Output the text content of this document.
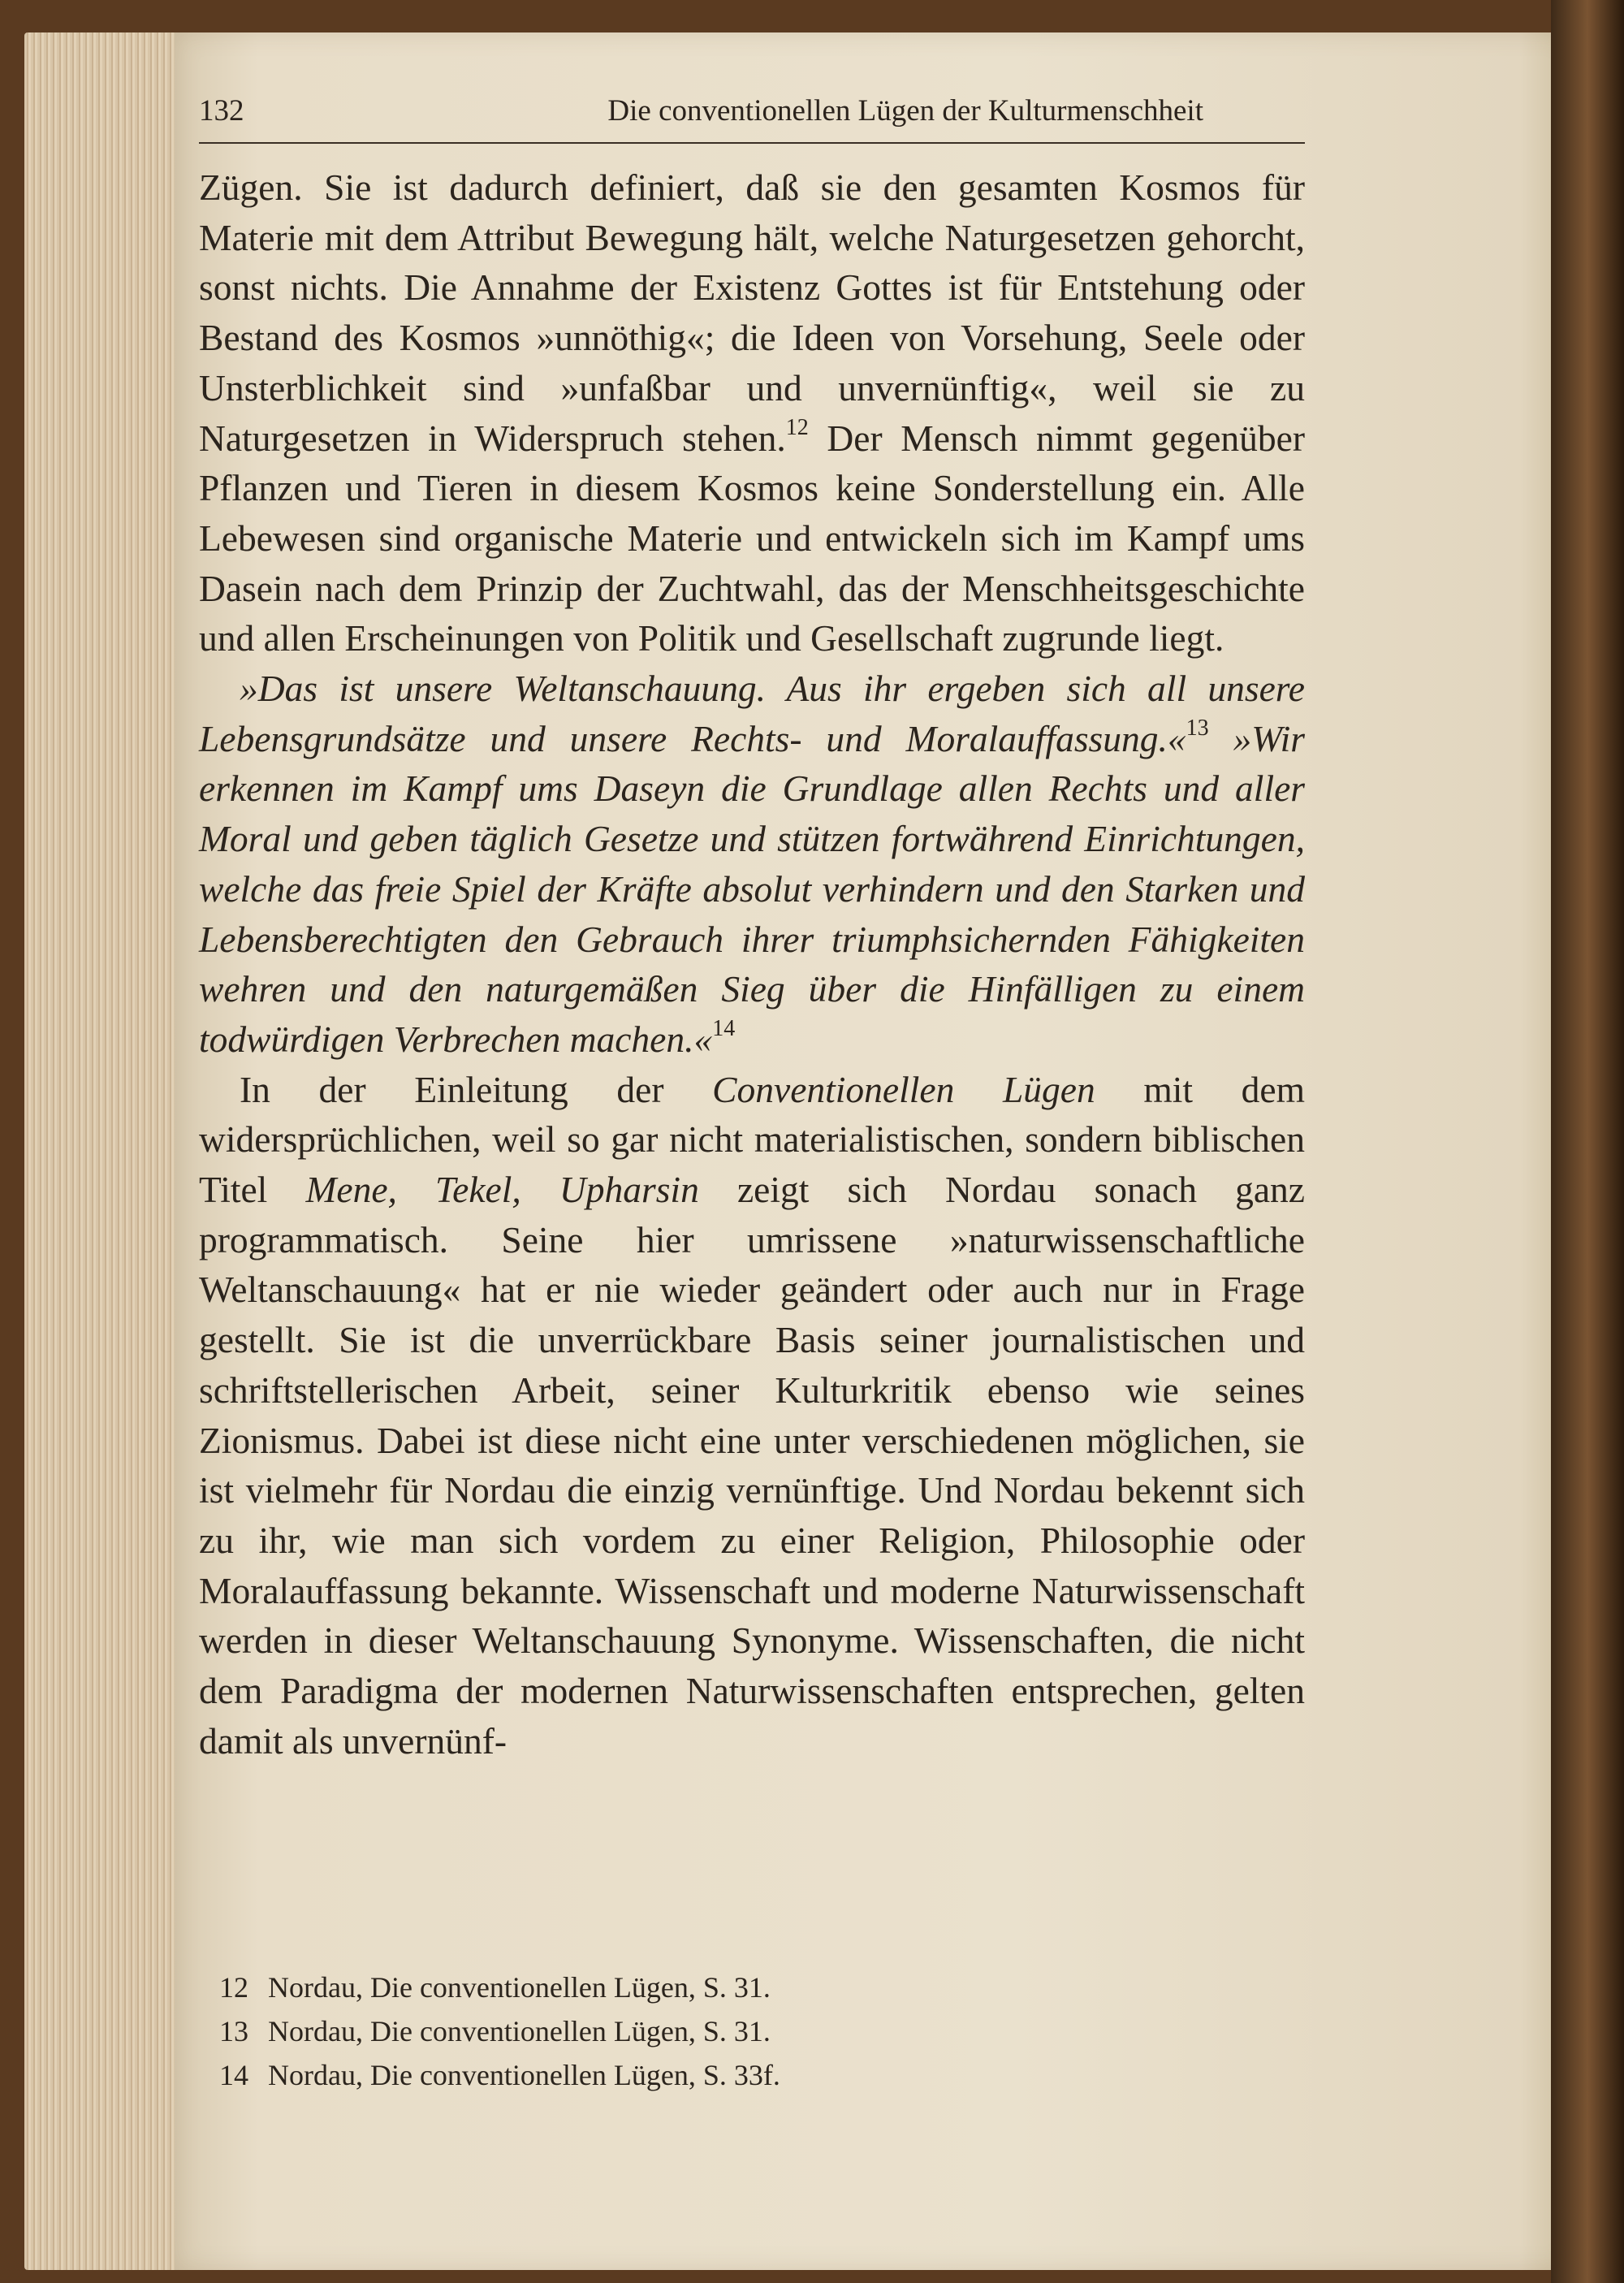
132	Die conventionellen Lügen der Kulturmenschheit

Zügen. Sie ist dadurch definiert, daß sie den gesamten Kosmos für Materie mit dem Attribut Bewegung hält, welche Naturgesetzen gehorcht, sonst nichts. Die Annahme der Existenz Gottes ist für Entstehung oder Bestand des Kosmos »unnöthig«; die Ideen von Vorsehung, Seele oder Unsterblichkeit sind »unfaßbar und unvernünftig«, weil sie zu Naturgesetzen in Widerspruch stehen.$^{12}$ Der Mensch nimmt gegenüber Pflanzen und Tieren in diesem Kosmos keine Sonderstellung ein. Alle Lebewesen sind organische Materie und entwickeln sich im Kampf ums Dasein nach dem Prinzip der Zuchtwahl, das der Menschheitsgeschichte und allen Erscheinungen von Politik und Gesellschaft zugrunde liegt.

»Das ist unsere Weltanschauung. Aus ihr ergeben sich all unsere Lebensgrundsätze und unsere Rechts- und Moralauffassung.«$^{13}$ »Wir erkennen im Kampf ums Daseyn die Grundlage allen Rechts und aller Moral und geben täglich Gesetze und stützen fortwährend Einrichtungen, welche das freie Spiel der Kräfte absolut verhindern und den Starken und Lebensberechtigten den Gebrauch ihrer triumphsichernden Fähigkeiten wehren und den naturgemäßen Sieg über die Hinfälligen zu einem todwürdigen Verbrechen machen.«$^{14}$

In der Einleitung der Conventionellen Lügen mit dem widersprüchlichen, weil so gar nicht materialistischen, sondern biblischen Titel Mene, Tekel, Upharsin zeigt sich Nordau sonach ganz programmatisch. Seine hier umrissene »naturwissenschaftliche Weltanschauung« hat er nie wieder geändert oder auch nur in Frage gestellt. Sie ist die unverrückbare Basis seiner journalistischen und schriftstellerischen Arbeit, seiner Kulturkritik ebenso wie seines Zionismus. Dabei ist diese nicht eine unter verschiedenen möglichen, sie ist vielmehr für Nordau die einzig vernünftige. Und Nordau bekennt sich zu ihr, wie man sich vordem zu einer Religion, Philosophie oder Moralauffassung bekannte. Wissenschaft und moderne Naturwissenschaft werden in dieser Weltanschauung Synonyme. Wissenschaften, die nicht dem Paradigma der modernen Naturwissenschaften entsprechen, gelten damit als unvernünf-

12 Nordau, Die conventionellen Lügen, S. 31.
13 Nordau, Die conventionellen Lügen, S. 31.
14 Nordau, Die conventionellen Lügen, S. 33f.
